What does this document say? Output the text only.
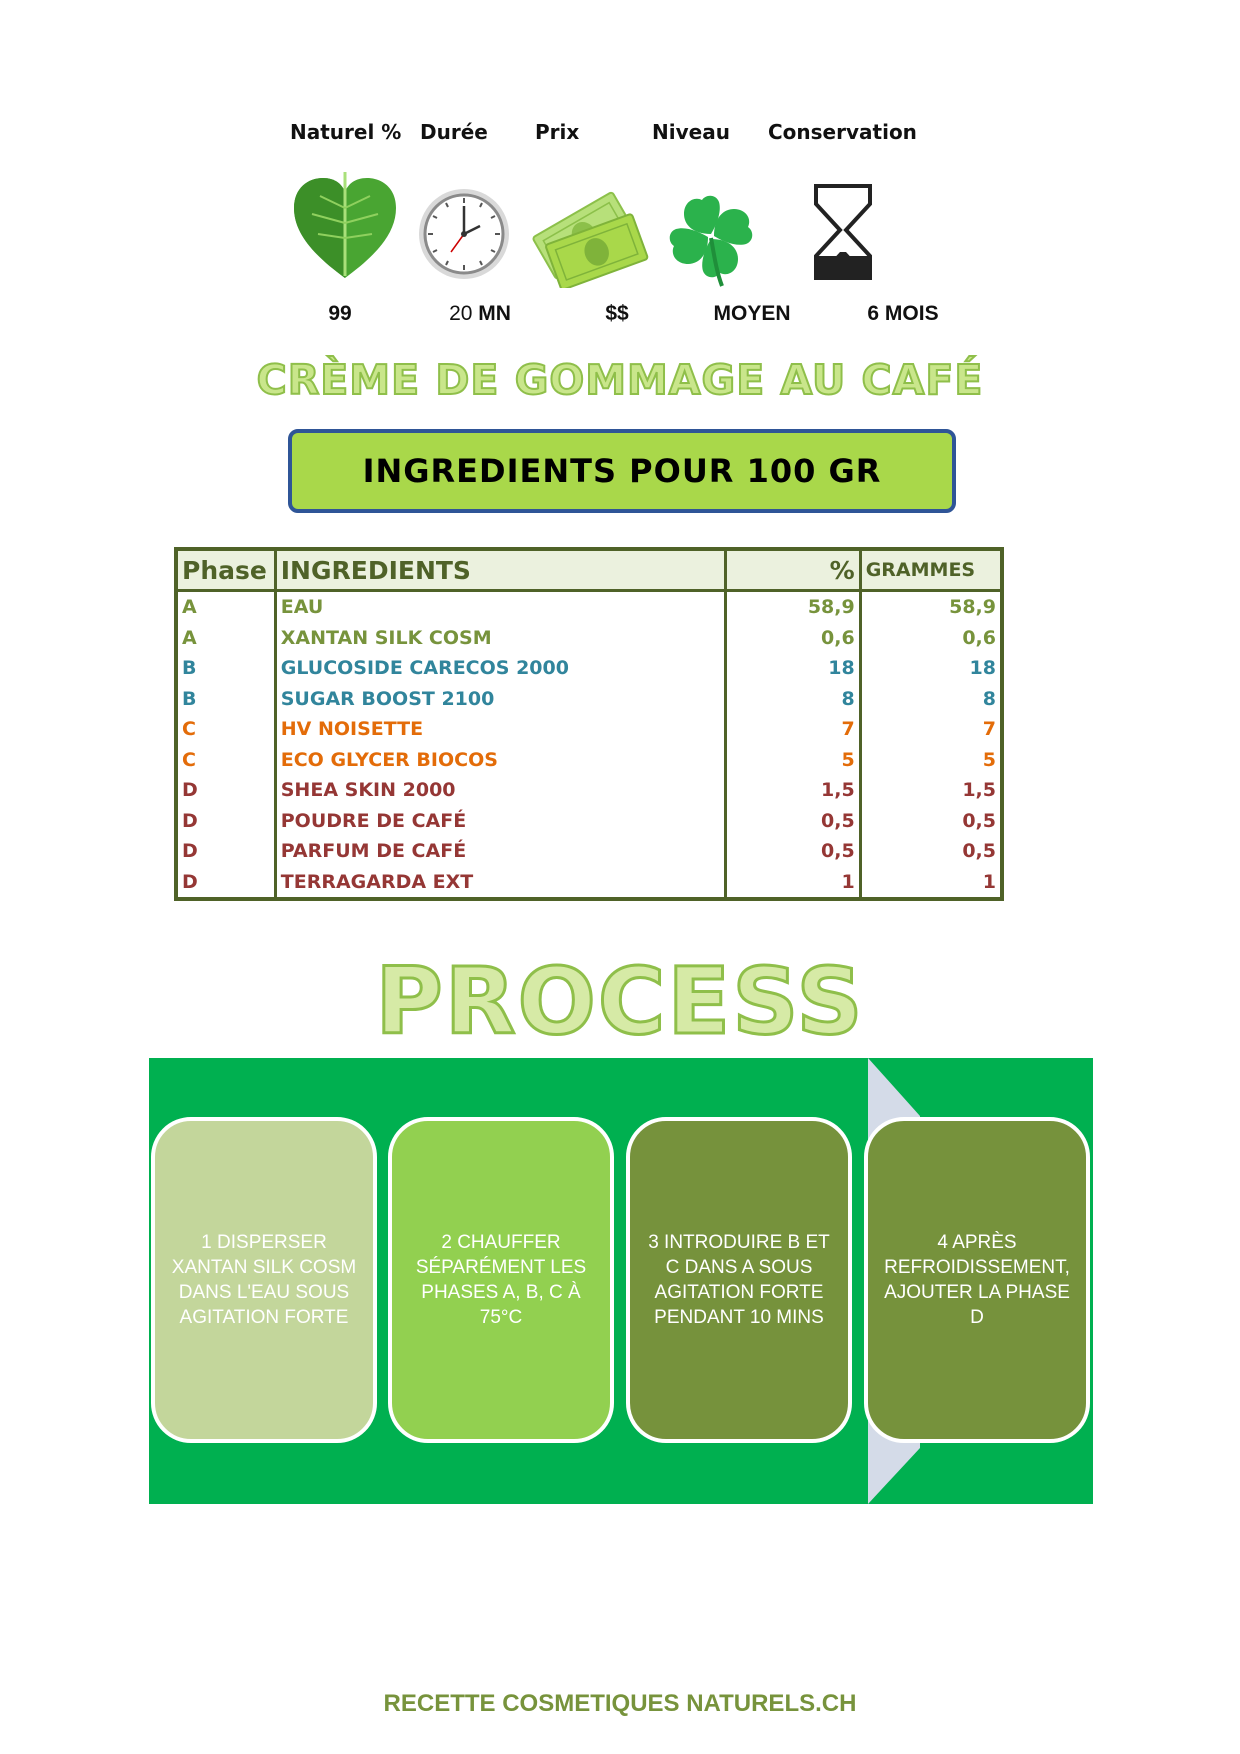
Naturel % Durée Prix	Niveau Conservation
99	20 MN	$$	MOYEN	6 MOIS
CRÈME DE GOMMAGE AU CAFÉ
INGREDIENTS POUR 100 GR
Phase	INGREDIENTS	%	GRAMMES
A	EAU	58,9	58,9
A	XANTAN SILK COSM	0,6	0,6
B	GLUCOSIDE CARECOS 2000	18	18
B	SUGAR BOOST 2100	8	8
C	HV NOISETTE	7	7
C	ECO GLYCER BIOCOS	5	5
D	SHEA SKIN 2000	1,5	1,5
D	POUDRE DE CAFÉ	0,5	0,5
D	PARFUM DE CAFÉ	0,5	0,5
D	TERRAGARDA EXT	1	1
PROCESS
1 DISPERSER XANTAN SILK COSM DANS L'EAU SOUS AGITATION FORTE
2 CHAUFFER SÉPARÉMENT LES PHASES A, B, C À 75°C
3 INTRODUIRE B ET C DANS A SOUS AGITATION FORTE PENDANT 10 MINS
4 APRÈS REFROIDISSEMENT, AJOUTER LA PHASE D
RECETTE COSMETIQUES NATURELS.CH
